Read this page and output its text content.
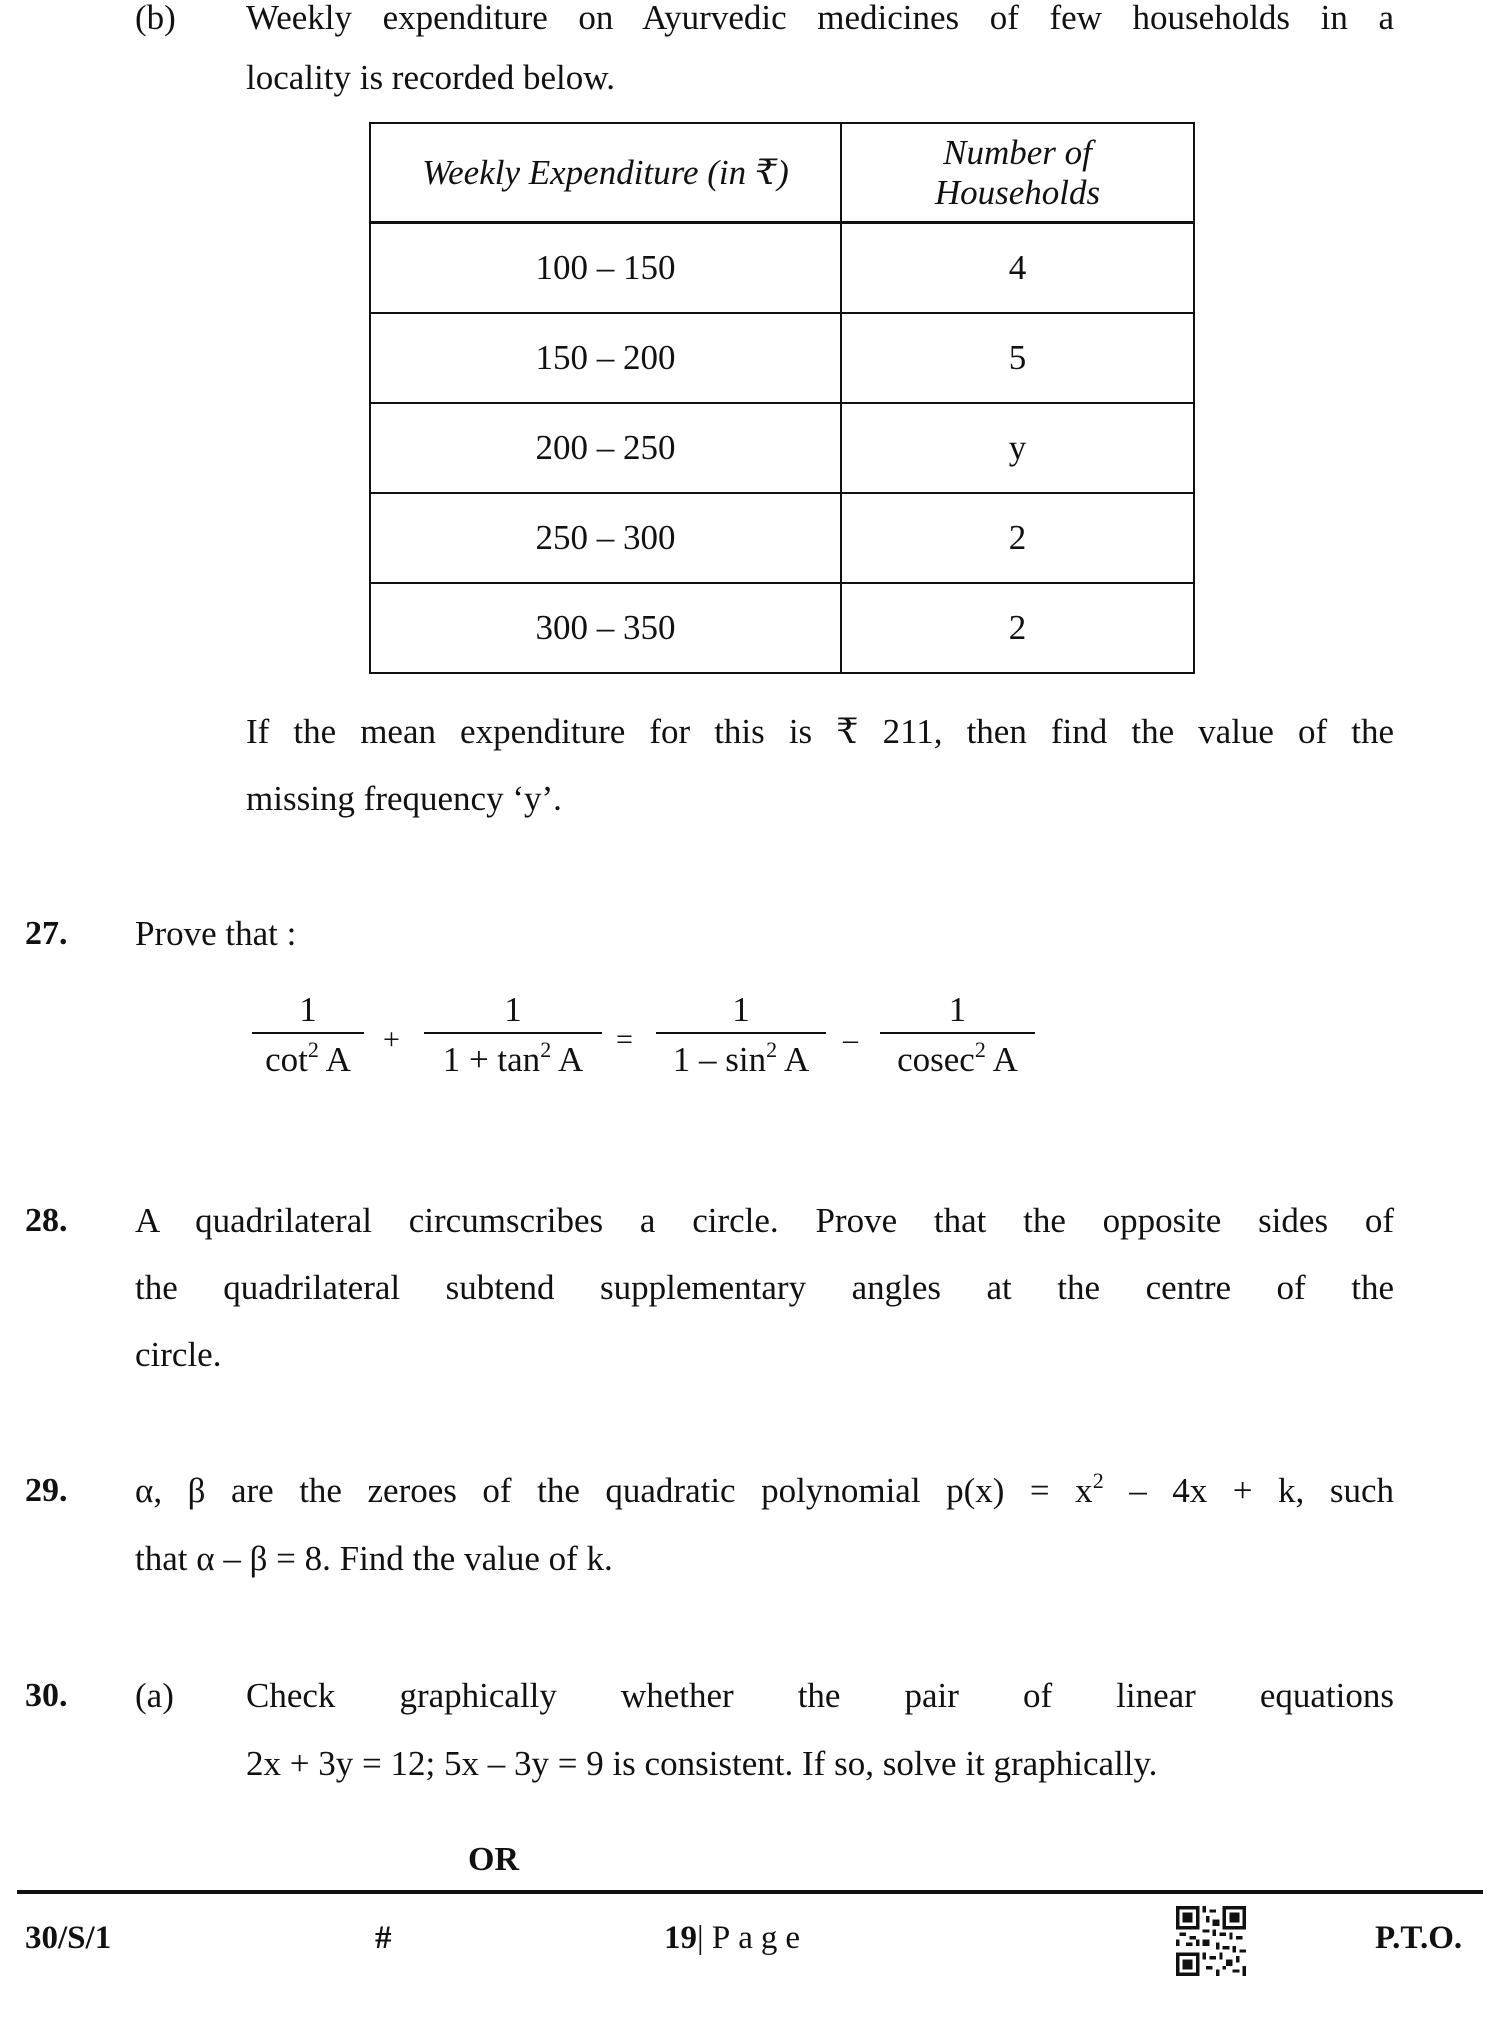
(b) Weekly expenditure on Ayurvedic medicines of few households in a
locality is recorded below.
Weekly Expenditure (in ₹)	Number of
Households
100 – 150	4
150 – 200	5
200 – 250	y
250 – 300	2
300 – 350	2
If the mean expenditure for this is ₹ 211, then find the value of the
missing frequency ‘y’.
27. Prove that :
1
$\cot^2 A$
+
1
$1 + \tan^2 A$
=
1
$1 - \sin^2 A$
–
1
cosec$^2$ A
28. A quadrilateral circumscribes a circle. Prove that the opposite sides of
the quadrilateral subtend supplementary angles at the centre of the
circle.
29. α, β are the zeroes of the quadratic polynomial $p(x) = x^2 - 4x + k$, such
that α – β = 8. Find the value of k.
30. (a) Check graphically whether the pair of linear equations
2x + 3y = 12; 5x – 3y = 9 is consistent. If so, solve it graphically.
OR
30/S/1	#	19| Page	P.T.O.
